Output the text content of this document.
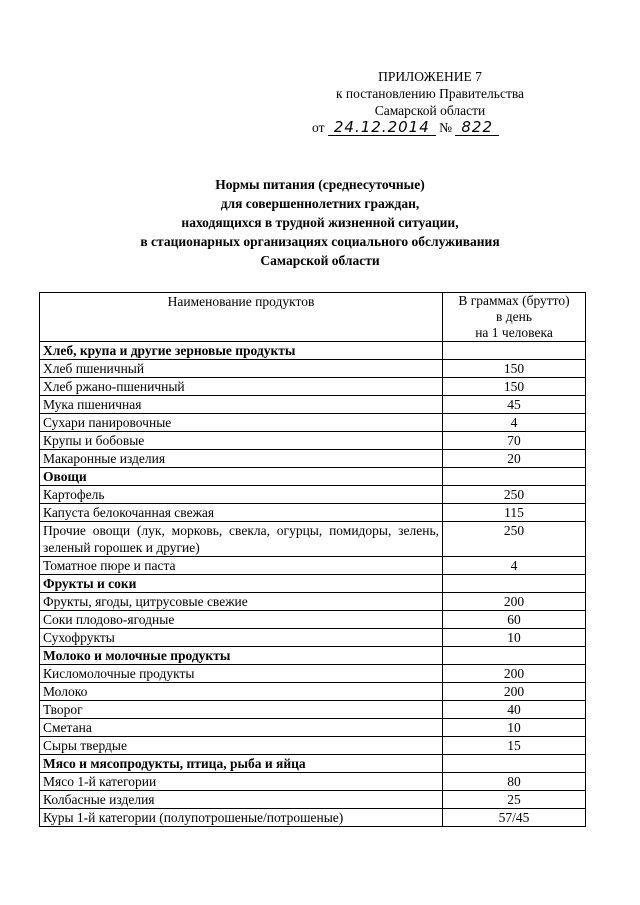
ПРИЛОЖЕНИЕ 7
к постановлению Правительства
Самарской области
от 24.12.2014 № 822
Нормы питания (среднесуточные)
для совершеннолетних граждан,
находящихся в трудной жизненной ситуации,
в стационарных организациях социального обслуживания
Самарской области
Наименование продуктов	В граммах (брутто)
в день
на 1 человека

Хлеб, крупа и другие зерновые продукты	
Хлеб пшеничный	150
Хлеб ржано-пшеничный	150
Мука пшеничная	45
Сухари панировочные	4
Крупы и бобовые	70
Макаронные изделия	20
Овощи	
Картофель	250
Капуста белокочанная свежая	115
Прочие овощи (лук, морковь, свекла, огурцы, помидоры, зелень, зеленый горошек и другие)	250
Томатное пюре и паста	4
Фрукты и соки	
Фрукты, ягоды, цитрусовые свежие	200
Соки плодово-ягодные	60
Сухофрукты	10
Молоко и молочные продукты	
Кисломолочные продукты	200
Молоко	200
Творог	40
Сметана	10
Сыры твердые	15
Мясо и мясопродукты, птица, рыба и яйца	
Мясо 1-й категории	80
Колбасные изделия	25
Куры 1-й категории (полупотрошеные/потрошеные)	57/45
